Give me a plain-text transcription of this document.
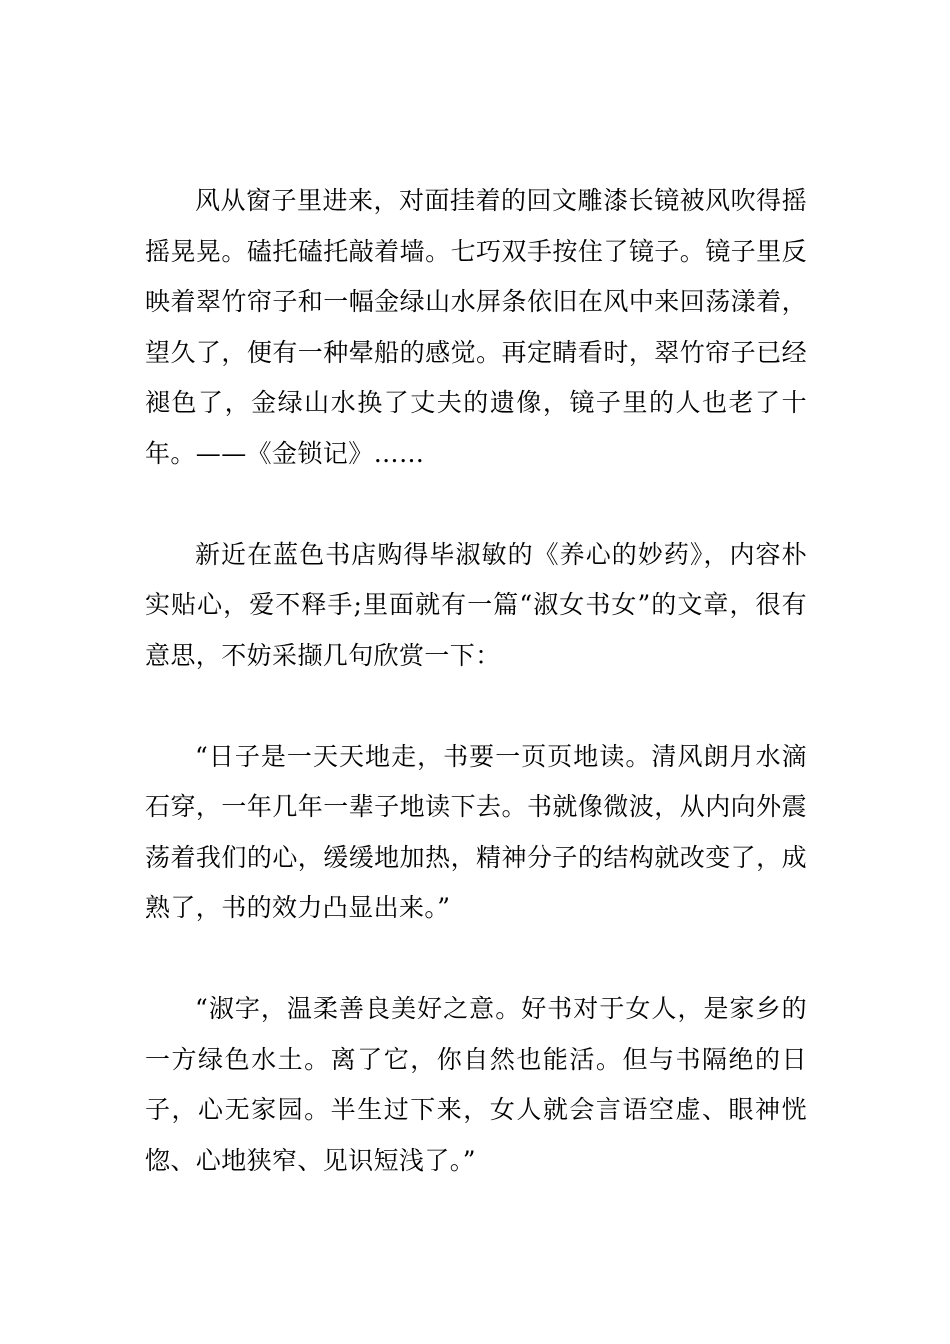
风从窗子里进来，对面挂着的回文雕漆长镜被风吹得摇摇晃晃。磕托磕托敲着墙。七巧双手按住了镜子。镜子里反映着翠竹帘子和一幅金绿山水屏条依旧在风中来回荡漾着，望久了，便有一种晕船的感觉。再定睛看时，翠竹帘子已经褪色了，金绿山水换了丈夫的遗像，镜子里的人也老了十年。——《金锁记》……

新近在蓝色书店购得毕淑敏的《养心的妙药》，内容朴实贴心，爱不释手;里面就有一篇“淑女书女”的文章，很有意思，不妨采撷几句欣赏一下：

“日子是一天天地走，书要一页页地读。清风朗月水滴石穿，一年几年一辈子地读下去。书就像微波，从内向外震荡着我们的心，缓缓地加热，精神分子的结构就改变了，成熟了，书的效力凸显出来。”

“淑字，温柔善良美好之意。好书对于女人，是家乡的一方绿色水土。离了它，你自然也能活。但与书隔绝的日子，心无家园。半生过下来，女人就会言语空虚、眼神恍惚、心地狭窄、见识短浅了。”
